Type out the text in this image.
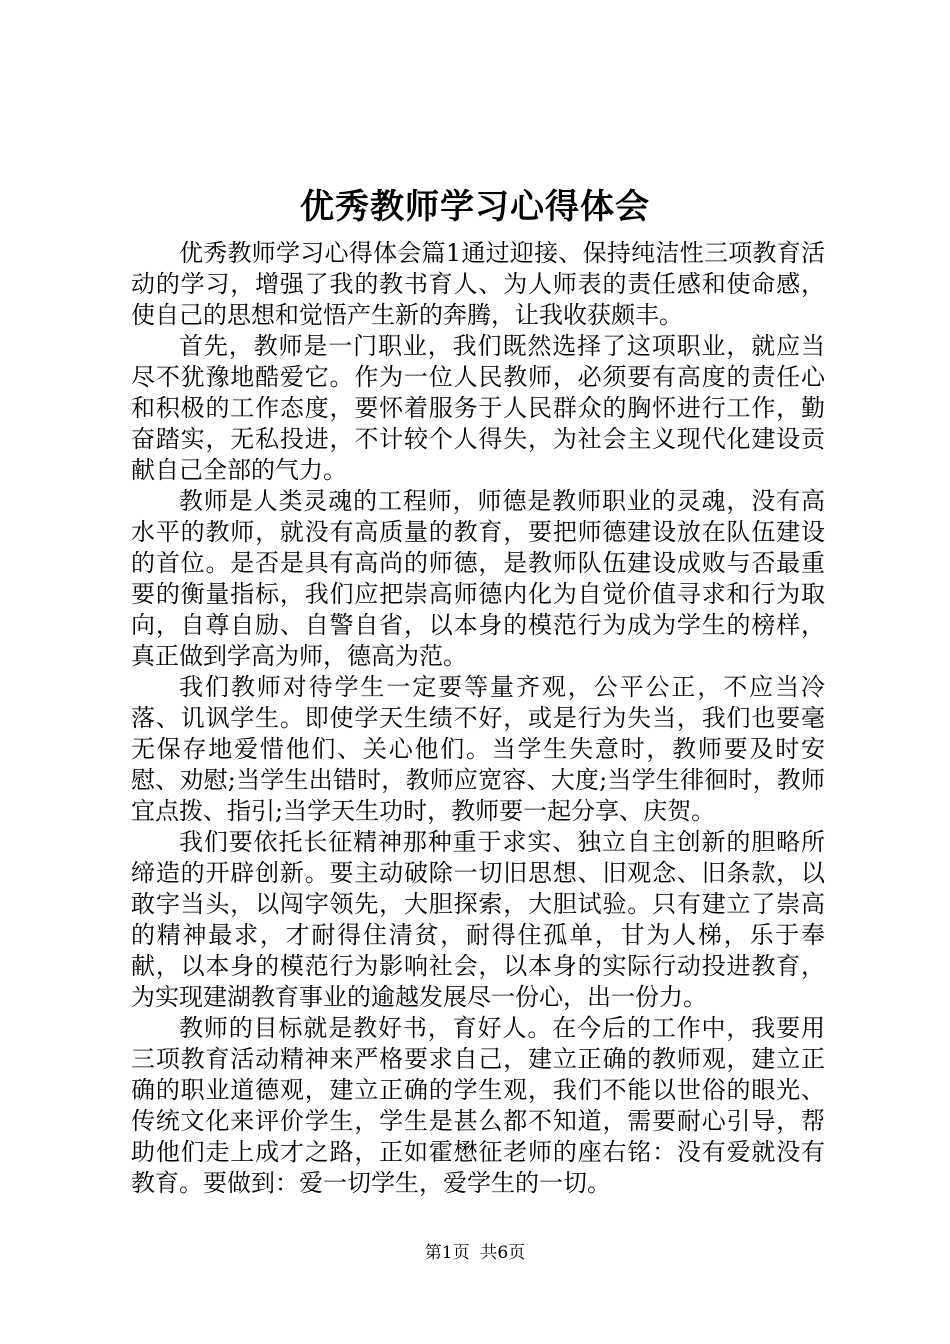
优秀教师学习心得体会

优秀教师学习心得体会篇1通过迎接、保持纯洁性三项教育活动的学习，增强了我的教书育人、为人师表的责任感和使命感，使自己的思想和觉悟产生新的奔腾，让我收获颇丰。

首先，教师是一门职业，我们既然选择了这项职业，就应当尽不犹豫地酷爱它。作为一位人民教师，必须要有高度的责任心和积极的工作态度，要怀着服务于人民群众的胸怀进行工作，勤奋踏实，无私投进，不计较个人得失，为社会主义现代化建设贡献自己全部的气力。

教师是人类灵魂的工程师，师德是教师职业的灵魂，没有高水平的教师，就没有高质量的教育，要把师德建设放在队伍建设的首位。是否是具有高尚的师德，是教师队伍建设成败与否最重要的衡量指标，我们应把崇高师德内化为自觉价值寻求和行为取向，自尊自励、自警自省，以本身的模范行为成为学生的榜样，真正做到学高为师，德高为范。

我们教师对待学生一定要等量齐观，公平公正，不应当冷落、讥讽学生。即使学天生绩不好，或是行为失当，我们也要毫无保存地爱惜他们、关心他们。当学生失意时，教师要及时安慰、劝慰;当学生出错时，教师应宽容、大度;当学生徘徊时，教师宜点拨、指引;当学天生功时，教师要一起分享、庆贺。

我们要依托长征精神那种重于求实、独立自主创新的胆略所缔造的开辟创新。要主动破除一切旧思想、旧观念、旧条款，以敢字当头，以闯字领先，大胆探索，大胆试验。只有建立了崇高的精神最求，才耐得住清贫，耐得住孤单，甘为人梯，乐于奉献，以本身的模范行为影响社会，以本身的实际行动投进教育，为实现建湖教育事业的逾越发展尽一份心，出一份力。

教师的目标就是教好书，育好人。在今后的工作中，我要用三项教育活动精神来严格要求自己，建立正确的教师观，建立正确的职业道德观，建立正确的学生观，我们不能以世俗的眼光、传统文化来评价学生，学生是甚么都不知道，需要耐心引导，帮助他们走上成才之路，正如霍懋征老师的座右铭：没有爱就没有教育。要做到：爱一切学生，爱学生的一切。

第1页  共6页
